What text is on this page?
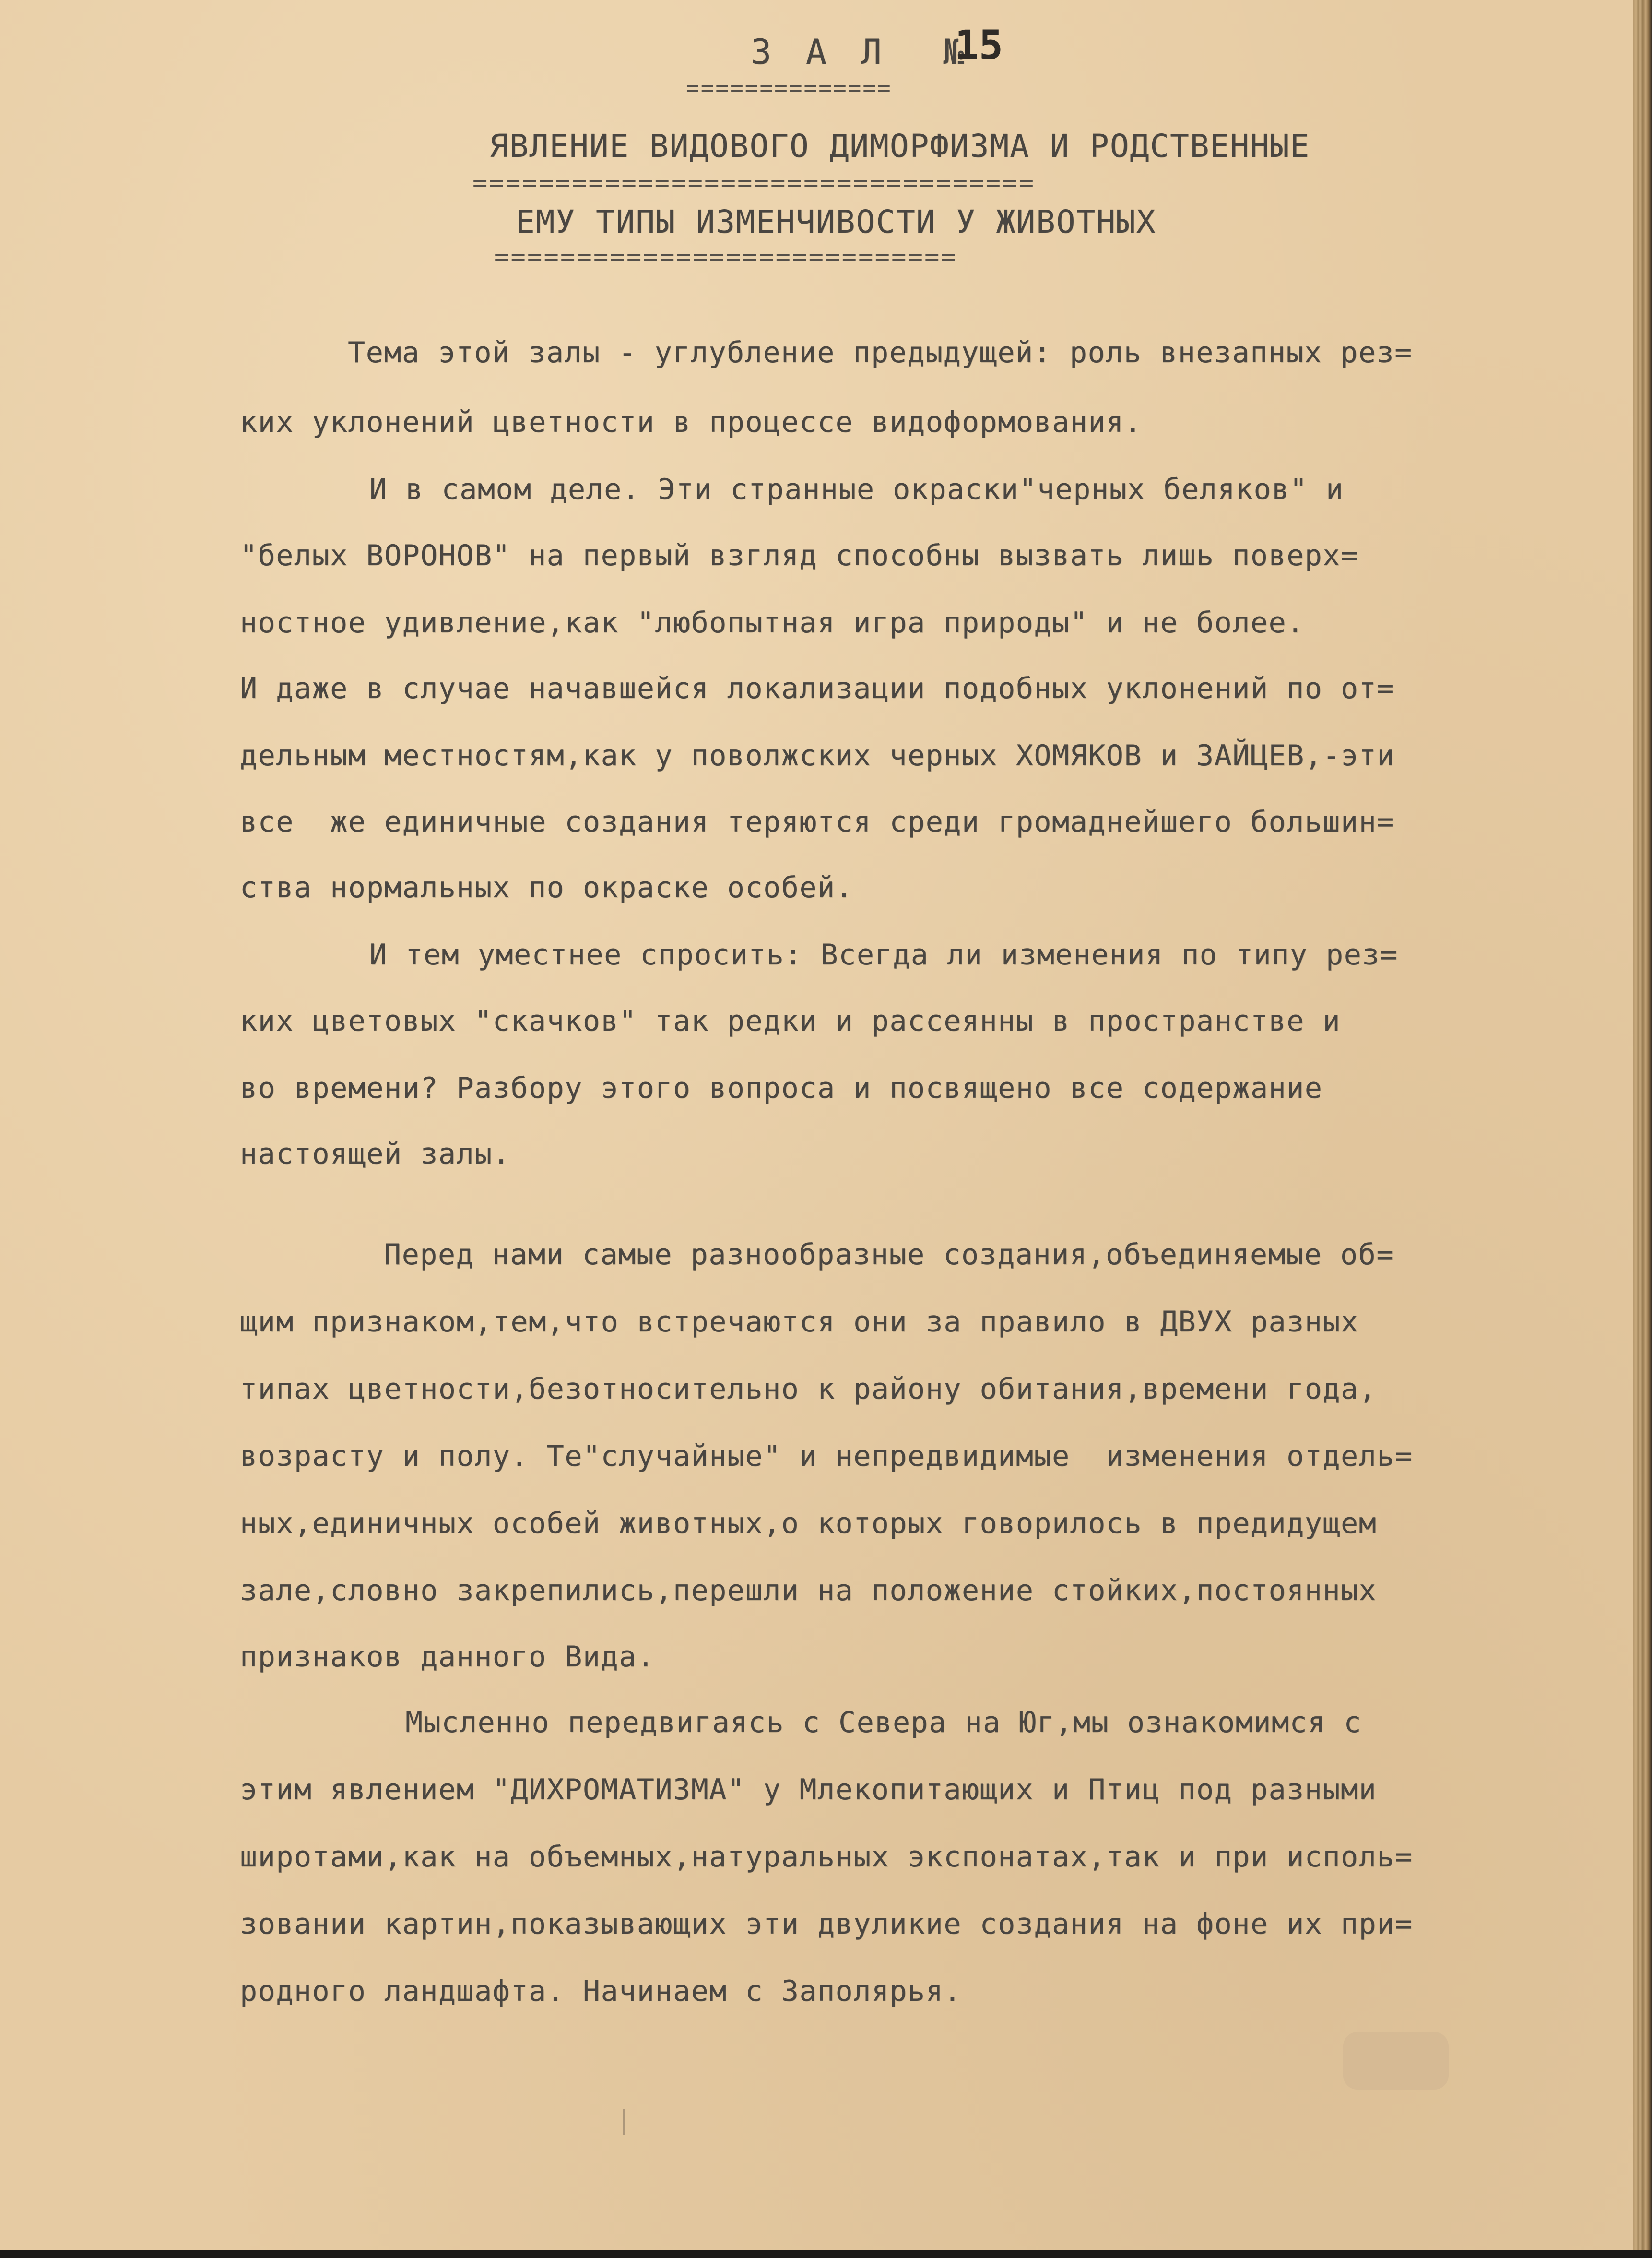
З А Л  №
15
==============
ЯВЛЕНИЕ ВИДОВОГО ДИМОРФИЗМА И РОДСТВЕННЫЕ
==================================
ЕМУ ТИПЫ ИЗМЕНЧИВОСТИ У ЖИВОТНЫХ
============================
Тема этой залы - углубление предыдущей: роль внезапных рез=
ких уклонений цветности в процессе видоформования.
И в самом деле. Эти странные окраски"черных беляков" и
"белых ВОРОНОВ" на первый взгляд способны вызвать лишь поверх=
ностное удивление,как "любопытная игра природы" и не более.
И даже в случае начавшейся локализации подобных уклонений по от=
дельным местностям,как у поволжских черных ХОМЯКОВ и ЗАЙЦЕВ,-эти
все  же единичные создания теряются среди громаднейшего большин=
ства нормальных по окраске особей.
И тем уместнее спросить: Всегда ли изменения по типу рез=
ких цветовых "скачков" так редки и рассеянны в пространстве и
во времени? Разбору этого вопроса и посвящено все содержание
настоящей залы.
Перед нами самые разнообразные создания,объединяемые об=
щим признаком,тем,что встречаются они за правило в ДВУХ разных
типах цветности,безотносительно к району обитания,времени года,
возрасту и полу. Те"случайные" и непредвидимые  изменения отдель=
ных,единичных особей животных,о которых говорилось в предидущем
зале,словно закрепились,перешли на положение стойких,постоянных
признаков данного Вида.
Мысленно передвигаясь с Севера на Юг,мы ознакомимся с
этим явлением "ДИХРОМАТИЗМА" у Млекопитающих и Птиц под разными
широтами,как на объемных,натуральных экспонатах,так и при исполь=
зовании картин,показывающих эти двуликие создания на фоне их при=
родного ландшафта. Начинаем с Заполярья.
